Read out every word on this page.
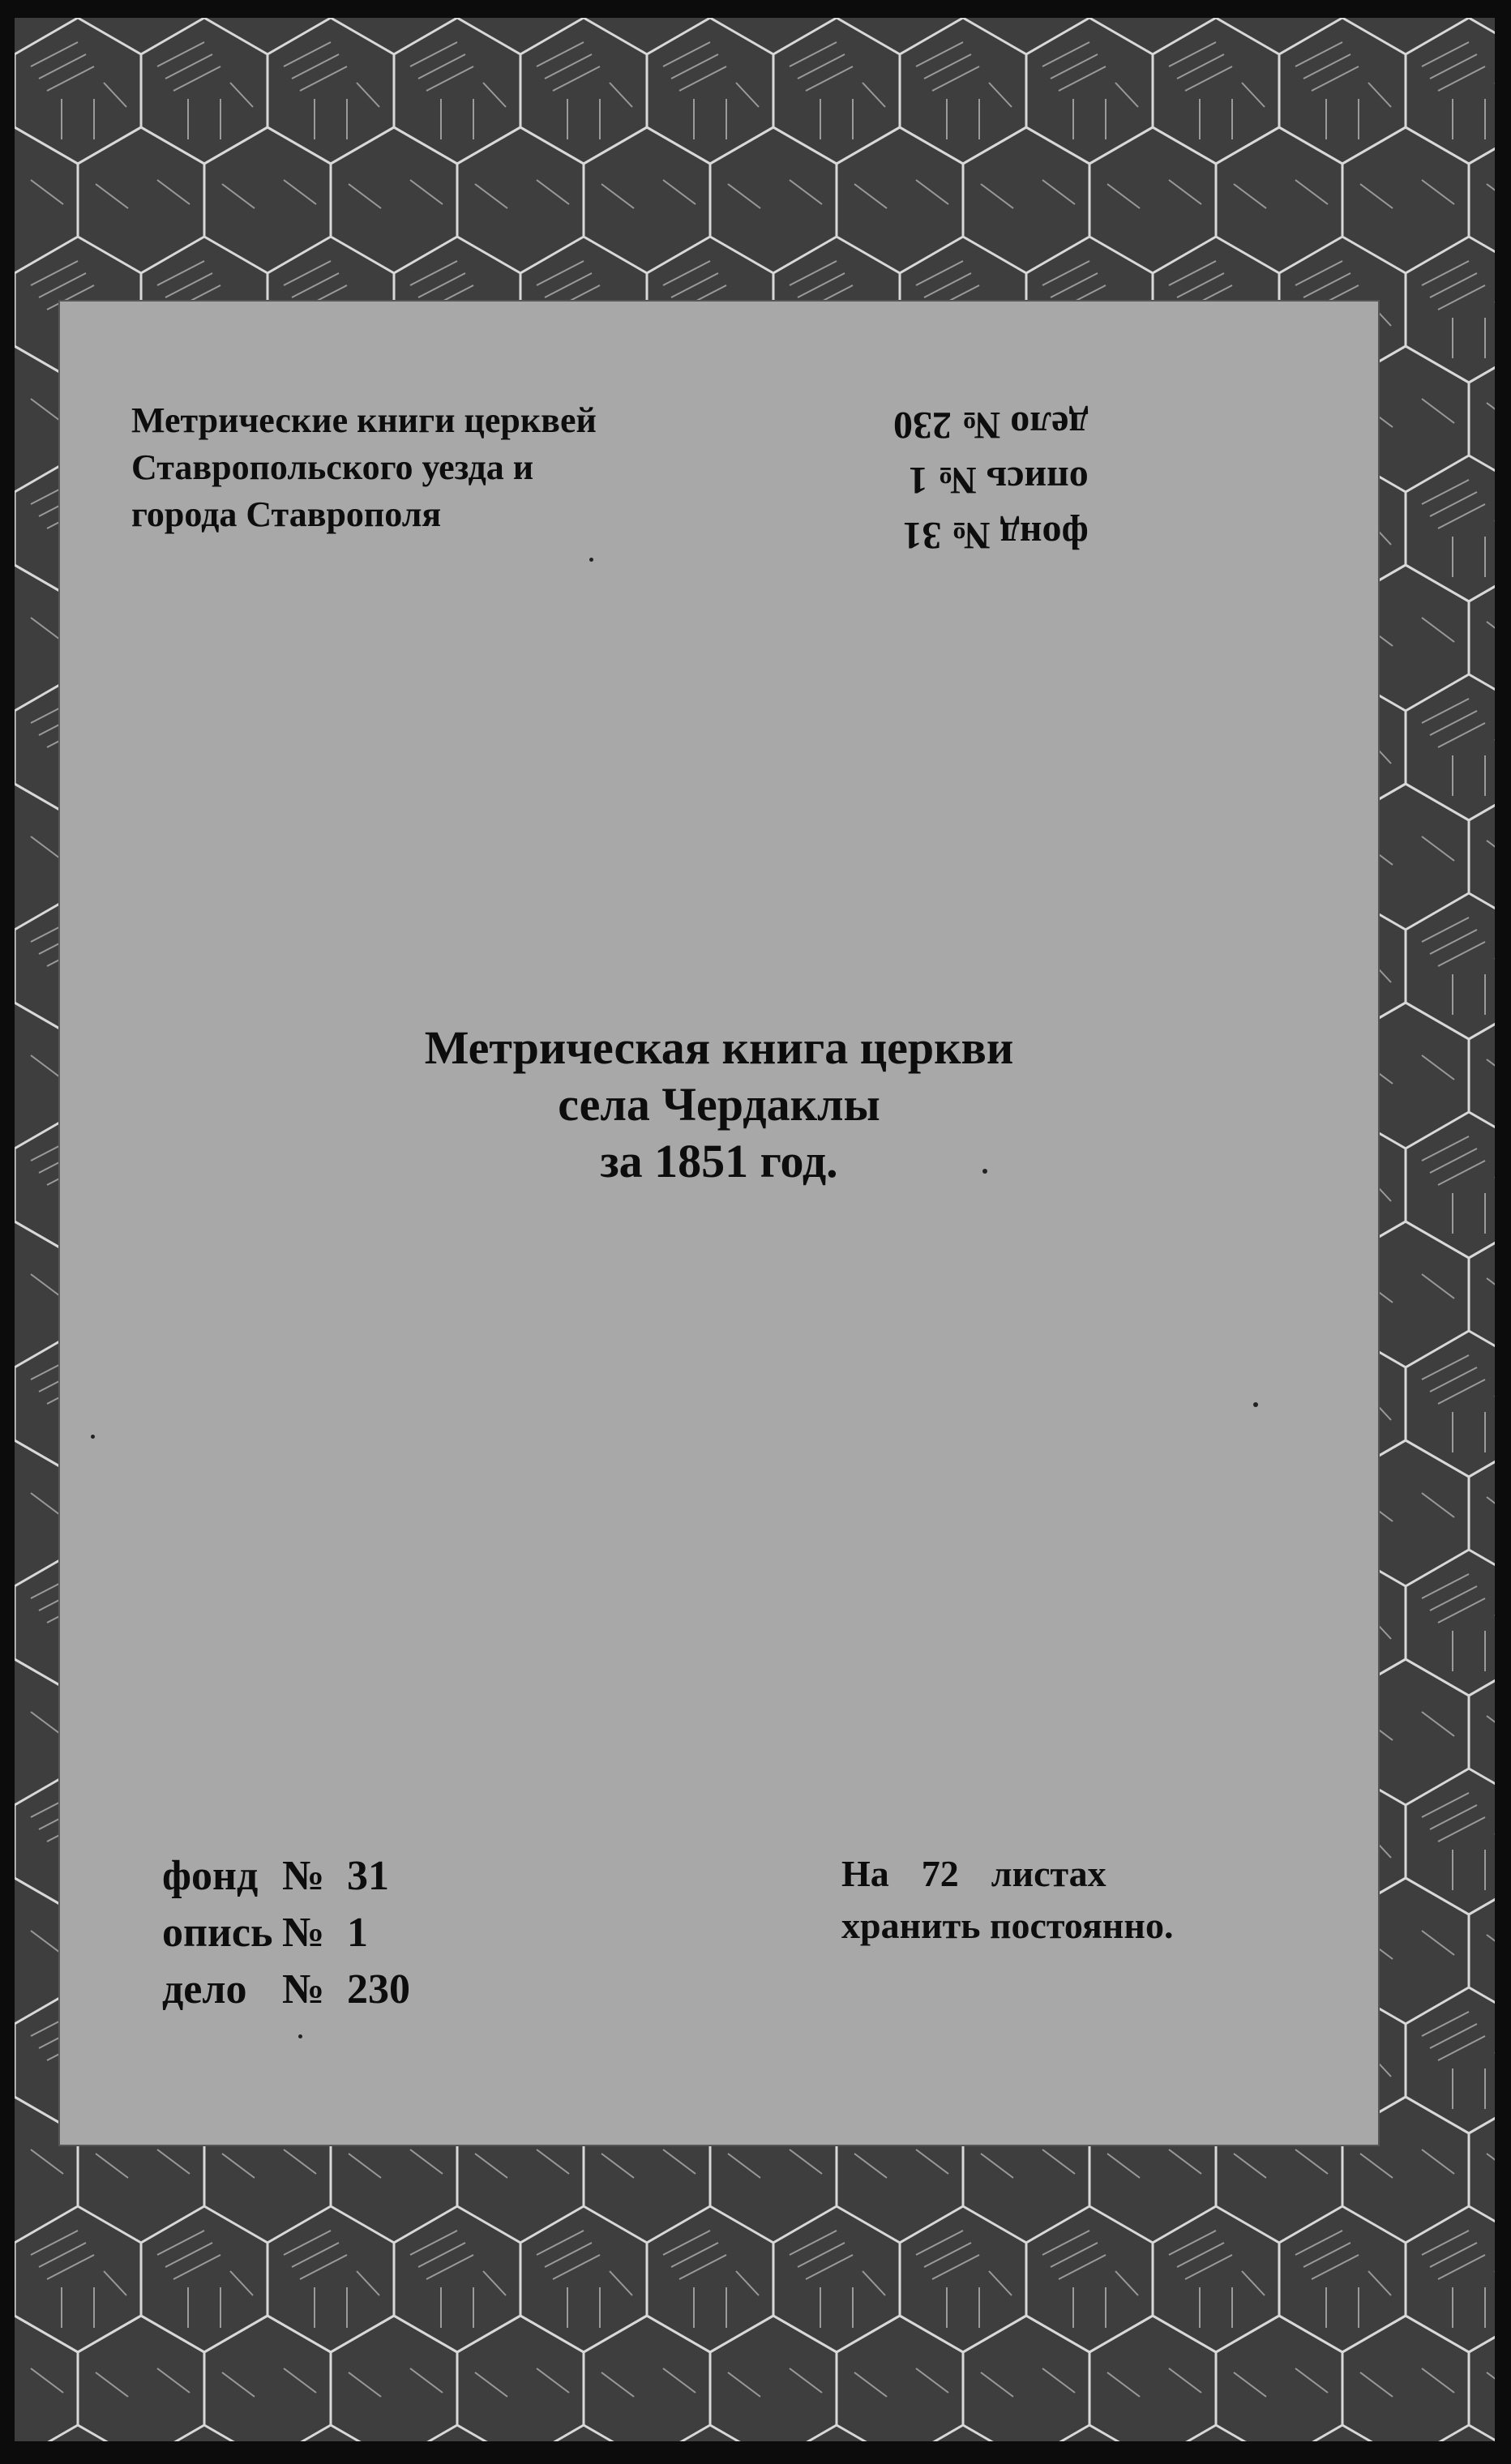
Метрические книги церквей
Ставропольского уезда и
города Ставрополя	фонд № 31
опись № 1
дело № 230
Метрическая книга церкви
села Чердаклы
за 1851 год.
фонд № 31
опись № 1
дело № 230
На 72 листах
хранить постоянно.
